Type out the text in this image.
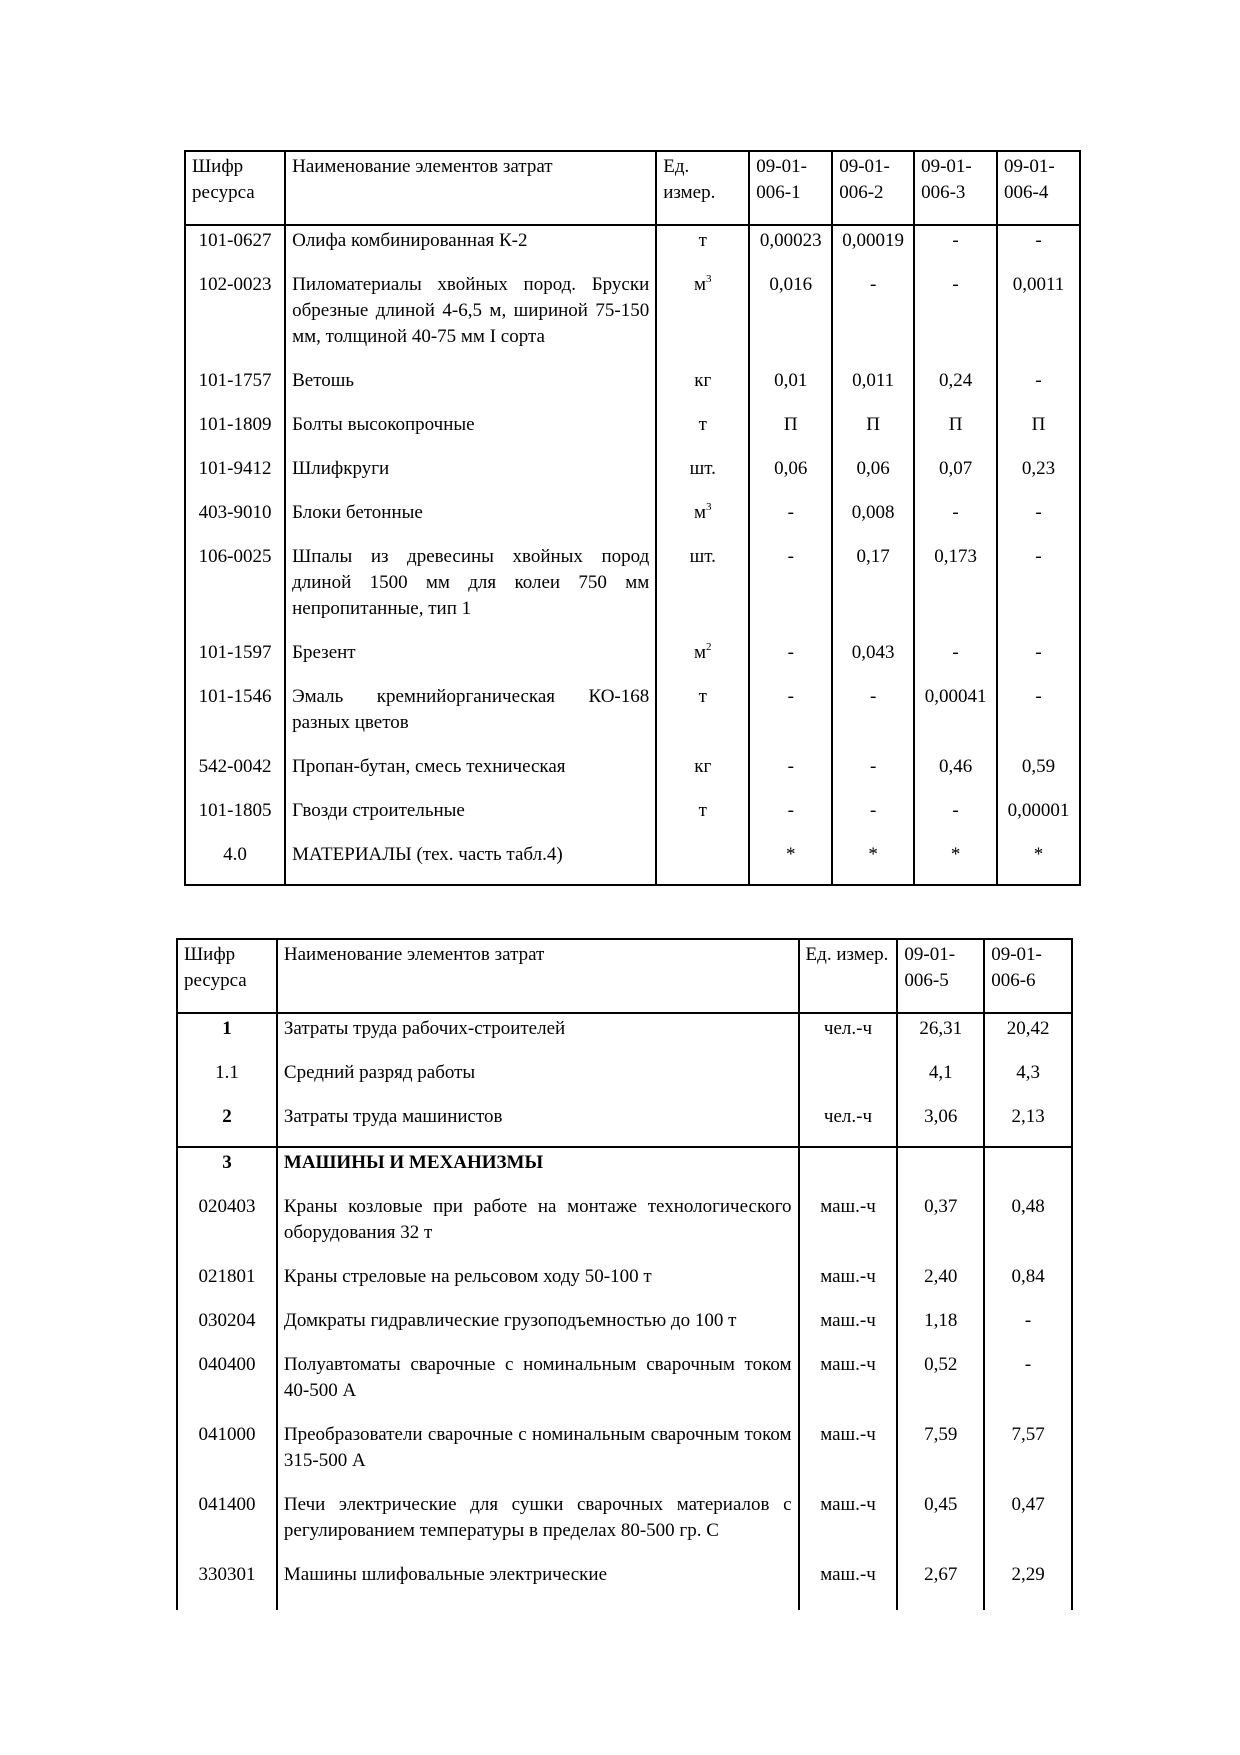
Шифр ресурса	Наименование элементов затрат	Ед. измер.	09-01-006-1	09-01-006-2	09-01-006-3	09-01-006-4
101-0627	Олифа комбинированная К-2	т	0,00023	0,00019	-	-
102-0023	Пиломатериалы хвойных пород. Бруски обрезные длиной 4-6,5 м, шириной 75-150 мм, толщиной 40-75 мм I сорта	$м^3$	0,016	-	-	0,0011
101-1757	Ветошь	кг	0,01	0,011	0,24	-
101-1809	Болты высокопрочные	т	П	П	П	П
101-9412	Шлифкруги	шт.	0,06	0,06	0,07	0,23
403-9010	Блоки бетонные	$м^3$	-	0,008	-	-
106-0025	Шпалы из древесины хвойных пород длиной 1500 мм для колеи 750 мм непропитанные, тип 1	шт.	-	0,17	0,173	-
101-1597	Брезент	$м^2$	-	0,043	-	-
101-1546	Эмаль кремнийорганическая КО-168 разных цветов	т	-	-	0,00041	-
542-0042	Пропан-бутан, смесь техническая	кг	-	-	0,46	0,59
101-1805	Гвозди строительные	т	-	-	-	0,00001
4.0	МАТЕРИАЛЫ (тех. часть табл.4)		*	*	*	*
Шифр ресурса	Наименование элементов затрат	Ед. измер.	09-01-006-5	09-01-006-6
1	Затраты труда рабочих-строителей	чел.-ч	26,31	20,42
1.1	Средний разряд работы		4,1	4,3
2	Затраты труда машинистов	чел.-ч	3,06	2,13
3	МАШИНЫ И МЕХАНИЗМЫ			
020403	Краны козловые при работе на монтаже технологического оборудования 32 т	маш.-ч	0,37	0,48
021801	Краны стреловые на рельсовом ходу 50-100 т	маш.-ч	2,40	0,84
030204	Домкраты гидравлические грузоподъемностью до 100 т	маш.-ч	1,18	-
040400	Полуавтоматы сварочные с номинальным сварочным током 40-500 А	маш.-ч	0,52	-
041000	Преобразователи сварочные с номинальным сварочным током 315-500 А	маш.-ч	7,59	7,57
041400	Печи электрические для сушки сварочных материалов с регулированием температуры в пределах 80-500 гр. С	маш.-ч	0,45	0,47
330301	Машины шлифовальные электрические	маш.-ч	2,67	2,29
